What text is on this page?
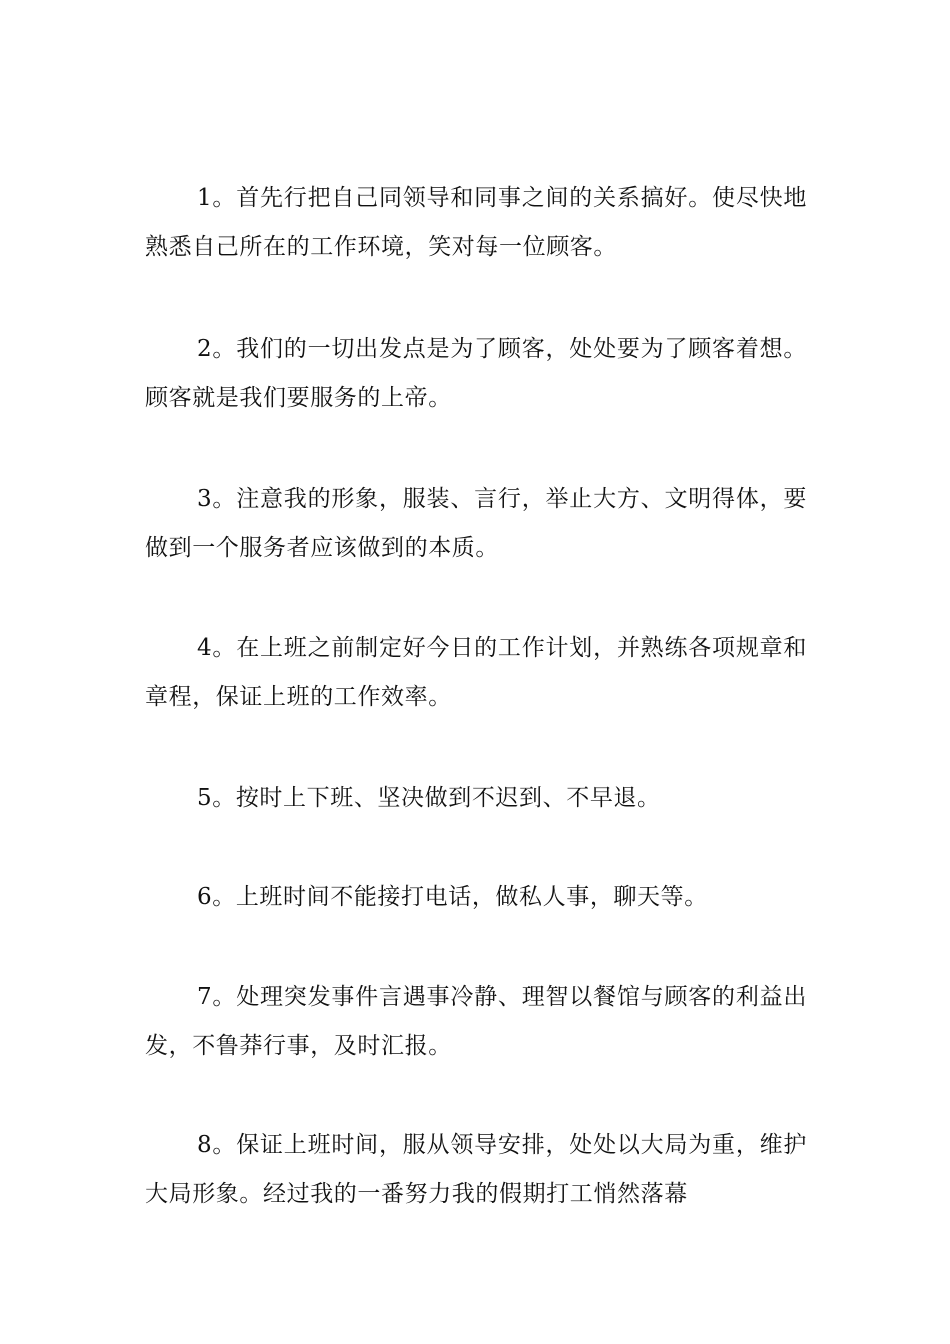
1。首先行把自己同领导和同事之间的关系搞好。使尽快地熟悉自己所在的工作环境，笑对每一位顾客。

2。我们的一切出发点是为了顾客，处处要为了顾客着想。顾客就是我们要服务的上帝。

3。注意我的形象，服装、言行，举止大方、文明得体，要做到一个服务者应该做到的本质。

4。在上班之前制定好今日的工作计划，并熟练各项规章和章程，保证上班的工作效率。

5。按时上下班、坚决做到不迟到、不早退。

6。上班时间不能接打电话，做私人事，聊天等。

7。处理突发事件言遇事冷静、理智以餐馆与顾客的利益出发，不鲁莽行事，及时汇报。

8。保证上班时间，服从领导安排，处处以大局为重，维护大局形象。经过我的一番努力我的假期打工悄然落幕
